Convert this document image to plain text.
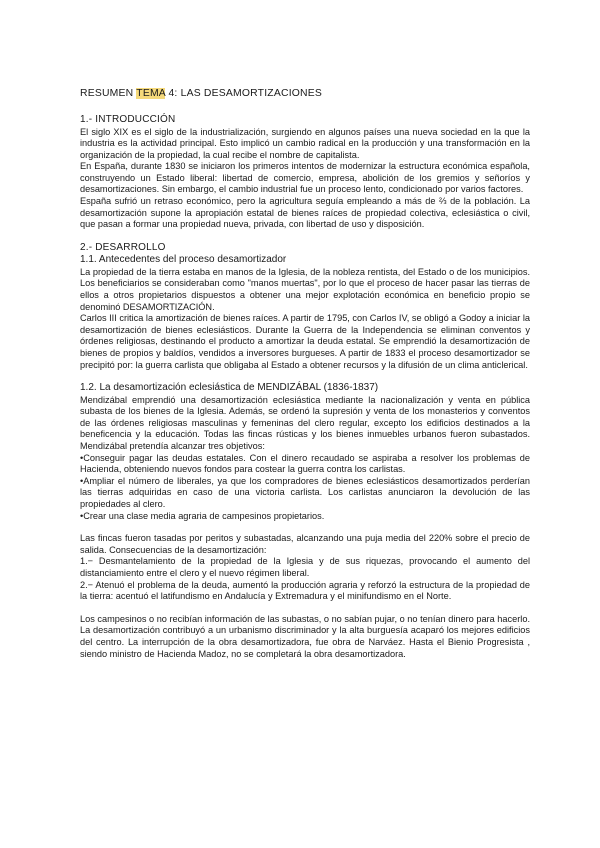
RESUMEN TEMA 4: LAS DESAMORTIZACIONES
1.- INTRODUCCIÓN

El siglo XIX es el siglo de la industrialización, surgiendo en algunos países una nueva sociedad en la que la industria es la actividad principal. Esto implicó un cambio radical en la producción y una transformación en la organización de la propiedad, la cual recibe el nombre de capitalista.

En España, durante 1830 se iniciaron los primeros intentos de modernizar la estructura económica española, construyendo un Estado liberal: libertad de comercio, empresa, abolición de los gremios y señoríos y desamortizaciones. Sin embargo, el cambio industrial fue un proceso lento, condicionado por varios factores.

España sufrió un retraso económico, pero la agricultura seguía empleando a más de ⅔ de la población. La desamortización supone la apropiación estatal de bienes raíces de propiedad colectiva, eclesiástica o civil, que pasan a formar una propiedad nueva, privada, con libertad de uso y disposición.

2.- DESARROLLO
1.1. Antecedentes del proceso desamortizador

La propiedad de la tierra estaba en manos de la Iglesia, de la nobleza rentista, del Estado o de los municipios. Los beneficiarios se consideraban como "manos muertas", por lo que el proceso de hacer pasar las tierras de ellos a otros propietarios dispuestos a obtener una mejor explotación económica en beneficio propio se denominó DESAMORTIZACIÓN.

Carlos III critica la amortización de bienes raíces. A partir de 1795, con Carlos IV, se obligó a Godoy a iniciar la desamortización de bienes eclesiásticos. Durante la Guerra de la Independencia se eliminan conventos y órdenes religiosas, destinando el producto a amortizar la deuda estatal. Se emprendió la desamortización de bienes de propios y baldíos, vendidos a inversores burgueses. A partir de 1833 el proceso desamortizador se precipitó por: la guerra carlista que obligaba al Estado a obtener recursos y la difusión de un clima anticlerical.

1.2. La desamortización eclesiástica de MENDIZÁBAL (1836-1837)

Mendizábal emprendió una desamortización eclesiástica mediante la nacionalización y venta en pública subasta de los bienes de la Iglesia. Además, se ordenó la supresión y venta de los monasterios y conventos de las órdenes religiosas masculinas y femeninas del clero regular, excepto los edificios destinados a la beneficencia y la educación. Todas las fincas rústicas y los bienes inmuebles urbanos fueron subastados. Mendizábal pretendía alcanzar tres objetivos:

•Conseguir pagar las deudas estatales. Con el dinero recaudado se aspiraba a resolver los problemas de Hacienda, obteniendo nuevos fondos para costear la guerra contra los carlistas.

•Ampliar el número de liberales, ya que los compradores de bienes eclesiásticos desamortizados perderían las tierras adquiridas en caso de una victoria carlista. Los carlistas anunciaron la devolución de las propiedades al clero.

•Crear una clase media agraria de campesinos propietarios.

Las fincas fueron tasadas por peritos y subastadas, alcanzando una puja media del 220% sobre el precio de salida. Consecuencias de la desamortización:

1.− Desmantelamiento de la propiedad de la Iglesia y de sus riquezas, provocando el aumento del distanciamiento entre el clero y el nuevo régimen liberal.

2.− Atenuó el problema de la deuda, aumentó la producción agraria y reforzó la estructura de la propiedad de la tierra: acentuó el latifundismo en Andalucía y Extremadura y el minifundismo en el Norte.

Los campesinos o no recibían información de las subastas, o no sabían pujar, o no tenían dinero para hacerlo. La desamortización contribuyó a un urbanismo discriminador y la alta burguesía acaparó los mejores edificios del centro. La interrupción de la obra desamortizadora, fue obra de Narváez. Hasta el Bienio Progresista , siendo ministro de Hacienda Madoz, no se completará la obra desamortizadora.
